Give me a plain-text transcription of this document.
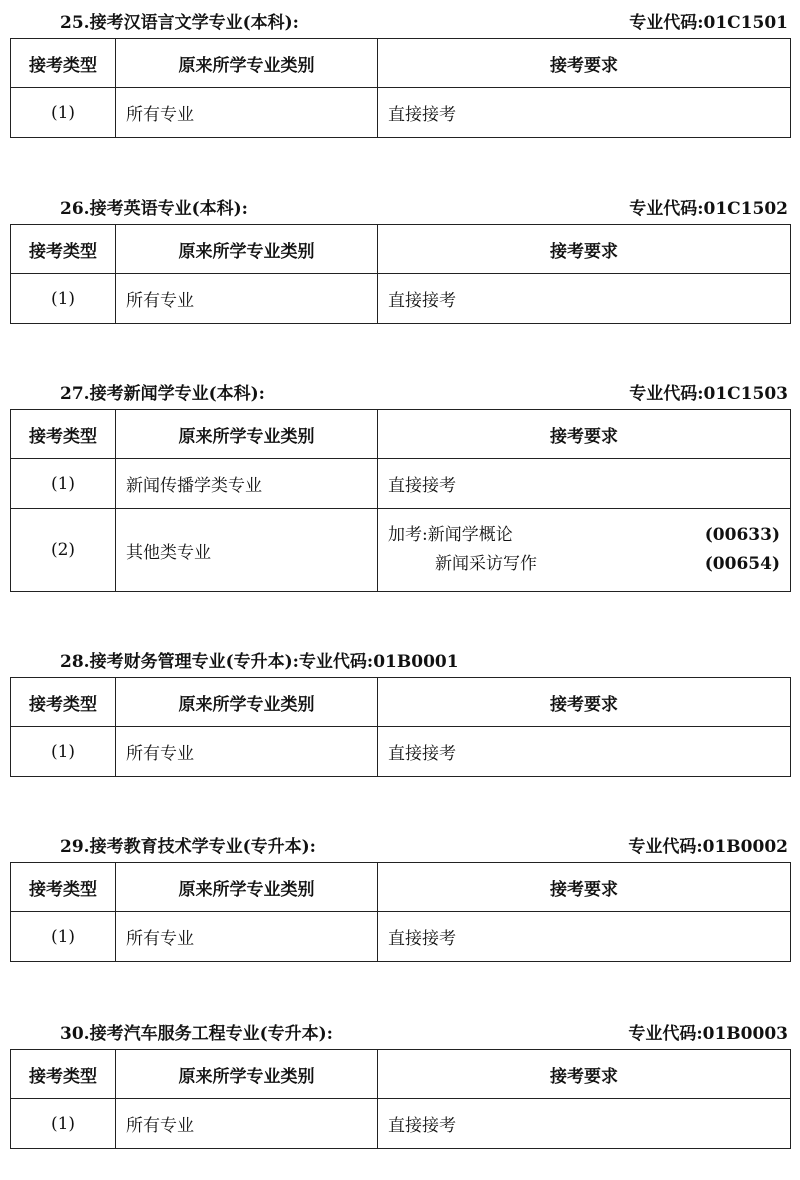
25.接考汉语言文学专业(本科):	专业代码:01C1501
接考类型	原来所学专业类别	接考要求
(1)	所有专业	直接接考
26.接考英语专业(本科):	专业代码:01C1502
接考类型	原来所学专业类别	接考要求
(1)	所有专业	直接接考
27.接考新闻学专业(本科):	专业代码:01C1503
接考类型	原来所学专业类别	接考要求
(1)	新闻传播学类专业	直接接考
(2)	其他类专业	加考:新闻学概论 (00633)
新闻采访写作 (00654)
28.接考财务管理专业(专升本):专业代码:01B0001
接考类型	原来所学专业类别	接考要求
(1)	所有专业	直接接考
29.接考教育技术学专业(专升本):	专业代码:01B0002
接考类型	原来所学专业类别	接考要求
(1)	所有专业	直接接考
30.接考汽车服务工程专业(专升本):	专业代码:01B0003
接考类型	原来所学专业类别	接考要求
(1)	所有专业	直接接考
